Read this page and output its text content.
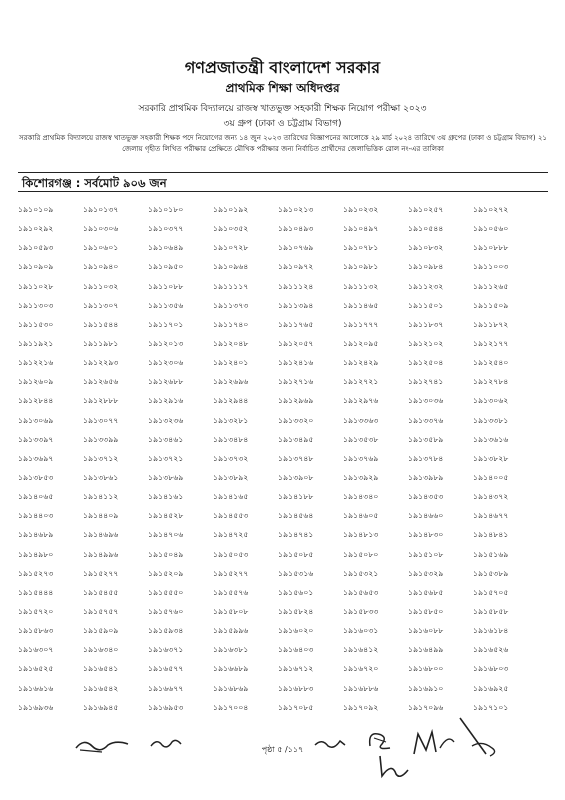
গণপ্রজাতন্ত্রী বাংলাদেশ সরকার
প্রাথমিক শিক্ষা অধিদপ্তর
সরকারি প্রাথমিক বিদ্যালয়ে রাজস্ব খাতভুক্ত সহকারী শিক্ষক নিয়োগ পরীক্ষা ২০২৩
৩য় গ্রুপ (ঢাকা ও চট্টগ্রাম বিভাগ)
সরকারি প্রাথমিক বিদ্যালয়ে রাজস্ব খাতভুক্ত সহকারী শিক্ষক পদে নিয়োগের জন্য ১৪ জুন ২০২৩ তারিখের বিজ্ঞাপনের আলোকে ২৯ মার্চ ২০২৪ তারিখে ৩য় গ্রুপের (ঢাকা ও চট্টগ্রাম বিভাগ) ২১ জেলায় গৃহীত লিখিত পরীক্ষার প্রেক্ষিতে মৌখিক পরীক্ষার জন্য নির্বাচিত প্রার্থীদের জেলাভিত্তিক রোল নং-এর তালিকা
কিশোরগঞ্জ : সর্বমোট ৯০৬ জন
১৯১০১০৯	১৯১০১৩৭	১৯১০১৮০	১৯১০১৯২	১৯১০২১৩	১৯১০২৩২	১৯১০২৫৭	১৯১০২৭২
১৯১০২৯২	১৯১০৩০৬	১৯১০৩৭৭	১৯১০৩৫২	১৯১০৪৯৩	১৯১০৪৯৭	১৯১০৫৪৪	১৯১০৫৬০
১৯১০৫৯৩	১৯১০৬০১	১৯১০৬৪৯	১৯১০৭২৮	১৯১০৭৬৯	১৯১০৭৮১	১৯১০৮৩২	১৯১০৮৮৮
১৯১০৯০৯	১৯১০৯৪০	১৯১০৯৫০	১৯১০৯৬৪	১৯১০৯৭২	১৯১০৯৮১	১৯১০৯৮৪	১৯১১০০৩
১৯১১০২৮	১৯১১০৩২	১৯১১০৮৮	১৯১১১১৭	১৯১১১২৪	১৯১১১৩২	১৯১১২৩২	১৯১১২৬৫
১৯১১৩০৩	১৯১১৩০৭	১৯১১৩৫৬	১৯১১৩৭৩	১৯১১৩৯৪	১৯১১৪৬৫	১৯১১৫০১	১৯১১৫০৯
১৯১১৫৩০	১৯১১৫৪৪	১৯১১৭০১	১৯১১৭৪০	১৯১১৭৬৫	১৯১১৭৭৭	১৯১১৮৩৭	১৯১১৮৭২
১৯১১৯২১	১৯১১৯৮১	১৯১২০১৩	১৯১২০৪৮	১৯১২০৫৭	১৯১২০৯৫	১৯১২১০২	১৯১২১৭৭
১৯১২২১৬	১৯১২২৯৩	১৯১২৩০৬	১৯১২৪০১	১৯১২৪১৬	১৯১২৪২৯	১৯১২৫০৪	১৯১২৫৪০
১৯১২৬০৯	১৯১২৬৫৬	১৯১২৬৮৮	১৯১২৬৯৬	১৯১২৭১৬	১৯১২৭২১	১৯১২৭৪১	১৯১২৭৮৪
১৯১২৮৪৪	১৯১২৮৮৮	১৯১২৯১৬	১৯১২৯৪৪	১৯১২৯৬৯	১৯১২৯৭৬	১৯১৩০৩৬	১৯১৩০৬২
১৯১৩০৬৯	১৯১৩০৭৭	১৯১৩২৩৬	১৯১৩২৮১	১৯১৩৩২০	১৯১৩৩৬৩	১৯১৩৩৭৬	১৯১৩৩৮১
১৯১৩৩৯৭	১৯১৩৩৯৯	১৯১৩৪৬১	১৯১৩৪৮৪	১৯১৩৪৯৫	১৯১৩৫৩৮	১৯১৩৫৮৯	১৯১৩৬১৬
১৯১৩৬৯৭	১৯১৩৭১২	১৯১৩৭২১	১৯১৩৭৩২	১৯১৩৭৪৮	১৯১৩৭৬৯	১৯১৩৭৮৪	১৯১৩৮২৮
১৯১৩৮৫৩	১৯১৩৮৬১	১৯১৩৮৬৯	১৯১৩৮৯২	১৯১৩৯০৮	১৯১৩৯২৯	১৯১৩৯৮৯	১৯১৪০০৫
১৯১৪০৬৫	১৯১৪১১২	১৯১৪১৬১	১৯১৪১৬৫	১৯১৪১৮৮	১৯১৪৩৪০	১৯১৪৩৫৩	১৯১৪৩৭২
১৯১৪৪০৩	১৯১৪৪০৯	১৯১৪৫২৮	১৯১৪৫৫৩	১৯১৪৫৬৪	১৯১৪৬০৫	১৯১৪৬৬০	১৯১৪৬৭৭
১৯১৪৬৮৯	১৯১৪৬৯৬	১৯১৪৭০৬	১৯১৪৭২৫	১৯১৪৭৪১	১৯১৪৮১৩	১৯১৪৮৩০	১৯১৪৮৪১
১৯১৪৯৮০	১৯১৪৯৯৬	১৯১৫০৪৯	১৯১৫০৫৩	১৯১৫০৮৫	১৯১৫০৮০	১৯১৫১০৮	১৯১৫১৬৯
১৯১৫২৭৩	১৯১৫২৭৭	১৯১৫২০৯	১৯১৫২৭৭	১৯১৫৩১৬	১৯১৫৩২১	১৯১৫৩২৯	১৯১৫৩৮৯
১৯১৫৪৪৪	১৯১৫৪৫৫	১৯১৫৫৫০	১৯১৫৫৭৬	১৯১৫৬০১	১৯১৫৬৫৩	১৯১৫৬৮৫	১৯১৫৭০৫
১৯১৫৭২০	১৯১৫৭৫৭	১৯১৫৭৬০	১৯১৫৮০৮	১৯১৫৮২৪	১৯১৫৮৩৩	১৯১৫৮৫০	১৯১৫৮৫৮
১৯১৫৮৬৩	১৯১৫৯০৯	১৯১৫৯৩৪	১৯১৫৯৯৬	১৯১৬০২০	১৯১৬০৩১	১৯১৬০৮৮	১৯১৬১৮৪
১৯১৬৩০৭	১৯১৬৩৪০	১৯১৬৩৭১	১৯১৬৩৮১	১৯১৬৪০৩	১৯১৬৪১২	১৯১৬৪৯৯	১৯১৬৫২৬
১৯১৬৫২৫	১৯১৬৫৪১	১৯১৬৫৭৭	১৯১৬৬৮৯	১৯১৬৭১২	১৯১৬৭২০	১৯১৬৮০০	১৯১৬৮০৩
১৯১৬৬১৬	১৯১৬৫৪২	১৯১৬৬৭৭	১৯১৬৮৬৯	১৯১৬৮৮৩	১৯১৬৮৮৬	১৯১৬৯১০	১৯১৬৯২৫
১৯১৬৯৩৬	১৯১৬৯৪৫	১৯১৬৯৫৩	১৯১৭০০৪	১৯১৭০৮৫	১৯১৭০৯২	১৯১৭০৯৬	১৯১৭১০১
পৃষ্ঠা ৫ /১১৭
